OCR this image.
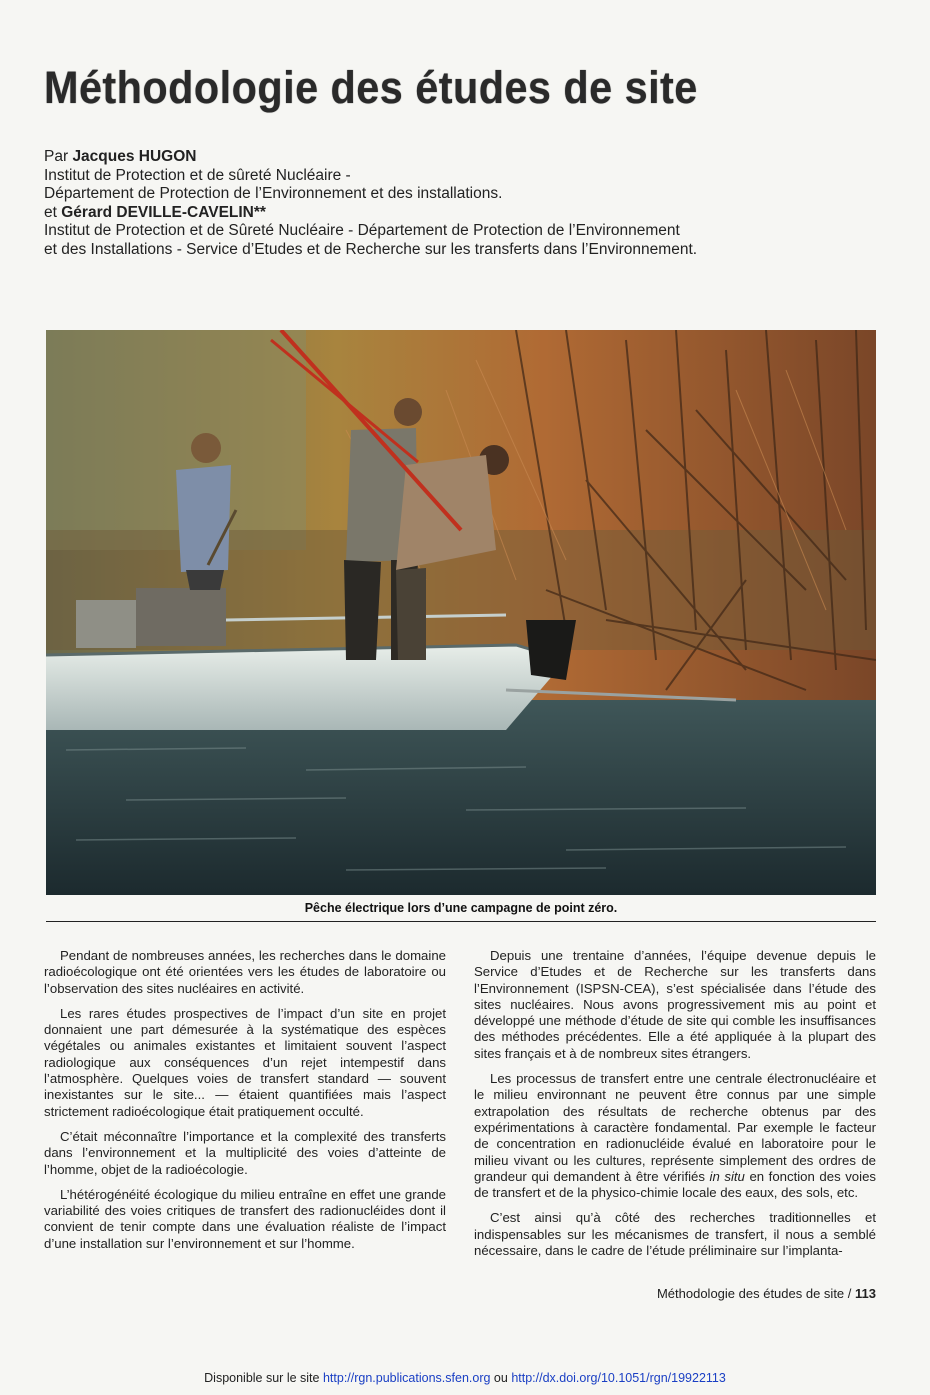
Méthodologie des études de site
Par Jacques HUGON
Institut de Protection et de sûreté Nucléaire -
Département de Protection de l’Environnement et des installations.
et Gérard DEVILLE-CAVELIN**
Institut de Protection et de Sûreté Nucléaire - Département de Protection de l’Environnement
et des Installations - Service d’Etudes et de Recherche sur les transferts dans l’Environnement.
Pêche électrique lors d’une campagne de point zéro.

Pendant de nombreuses années, les recherches dans le domaine radioécologique ont été orientées vers les études de laboratoire ou l’observation des sites nucléaires en activité.

Les rares études prospectives de l’impact d’un site en projet donnaient une part démesurée à la systématique des espèces végétales ou animales existantes et limitaient souvent l’aspect radiologique aux conséquences d’un rejet intempestif dans l’atmosphère. Quelques voies de transfert standard — souvent inexistantes sur le site... — étaient quantifiées mais l’aspect strictement radioécologique était pratiquement occulté.

C’était méconnaître l’importance et la complexité des transferts dans l’environnement et la multiplicité des voies d’atteinte de l’homme, objet de la radioécologie.

L’hétérogénéité écologique du milieu entraîne en effet une grande variabilité des voies critiques de transfert des radionucléides dont il convient de tenir compte dans une évaluation réaliste de l’impact d’une installation sur l’environnement et sur l’homme.

Depuis une trentaine d’années, l’équipe devenue depuis le Service d’Etudes et de Recherche sur les transferts dans l’Environnement (ISPSN-CEA), s’est spécialisée dans l’étude des sites nucléaires. Nous avons progressivement mis au point et développé une méthode d’étude de site qui comble les insuffisances des méthodes précédentes. Elle a été appliquée à la plupart des sites français et à de nombreux sites étrangers.

Les processus de transfert entre une centrale électronucléaire et le milieu environnant ne peuvent être connus par une simple extrapolation des résultats de recherche obtenus par des expérimentations à caractère fondamental. Par exemple le facteur de concentration en radionucléide évalué en laboratoire pour le milieu vivant ou les cultures, représente simplement des ordres de grandeur qui demandent à être vérifiés in situ en fonction des voies de transfert et de la physico-chimie locale des eaux, des sols, etc.

C’est ainsi qu’à côté des recherches traditionnelles et indispensables sur les mécanismes de transfert, il nous a semblé nécessaire, dans le cadre de l’étude préliminaire sur l’implanta-

Méthodologie des études de site / 113
Disponible sur le site http://rgn.publications.sfen.org ou http://dx.doi.org/10.1051/rgn/19922113
